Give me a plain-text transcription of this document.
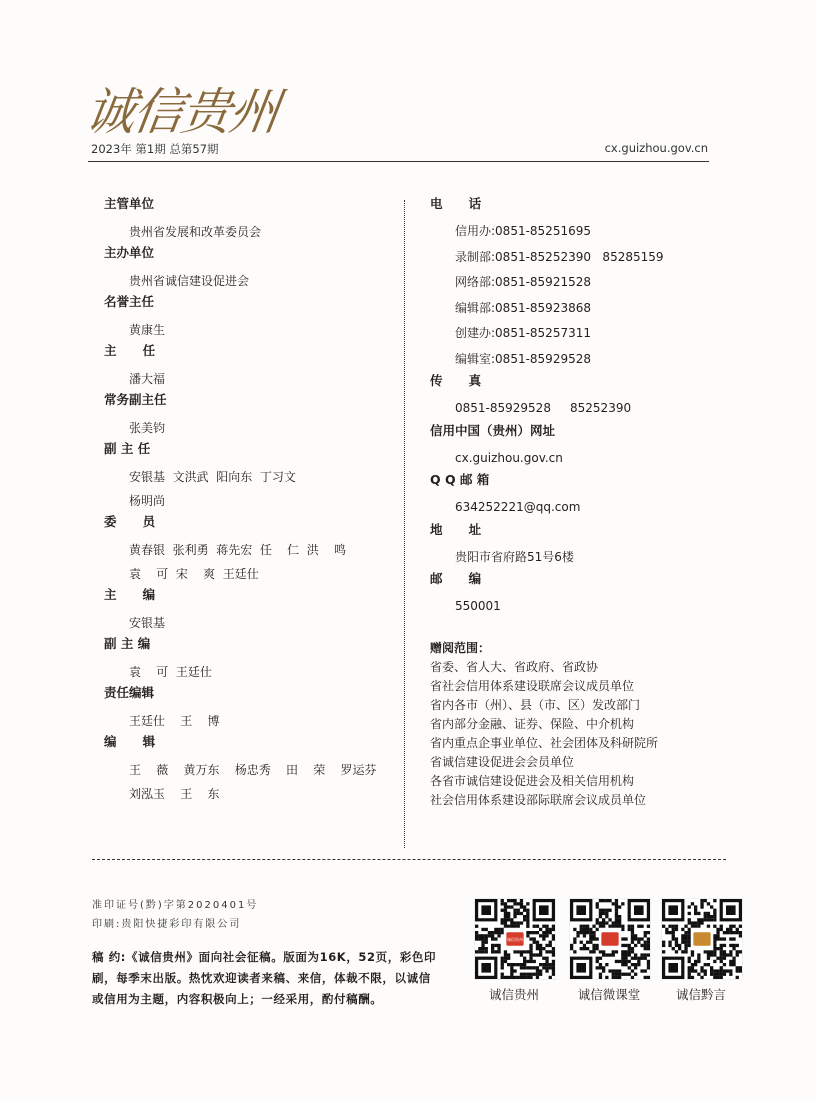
诚信贵州
2023年 第1期 总第57期	cx.guizhou.gov.cn
主管单位
贵州省发展和改革委员会
主办单位
贵州省诚信建设促进会
名誉主任
黄康生
主      任
潘大福
常务副主任
张美钧
副 主 任
安银基  文洪武  阳向东  丁习文
杨明尚
委      员
黄春银  张利勇  蒋先宏  任    仁  洪    鸣
袁    可  宋    爽  王廷仕
主      编
安银基
副 主 编
袁    可  王廷仕
责任编辑
王廷仕    王    博
编      辑
王    薇    黄万东    杨忠秀    田    荣    罗运芬
刘泓玉    王    东
电      话
信用办:0851-85251695
录制部:0851-85252390   85285159
网络部:0851-85921528
编辑部:0851-85923868
创建办:0851-85257311
编辑室:0851-85929528
传      真
0851-85929528     85252390
信用中国（贵州）网址
cx.guizhou.gov.cn
Q Q 邮 箱
634252221@qq.com
地      址
贵阳市省府路51号6楼
邮      编
550001
赠阅范围：
省委、省人大、省政府、省政协
省社会信用体系建设联席会议成员单位
省内各市（州）、县（市、区）发改部门
省内部分金融、证券、保险、中介机构
省内重点企事业单位、社会团体及科研院所
省诚信建设促进会会员单位
各省市诚信建设促进会及相关信用机构
社会信用体系建设部际联席会议成员单位
准印证号(黔)字第2020401号
印刷:贵阳快捷彩印有限公司
稿 约:《诚信贵州》面向社会征稿。版面为16K，52页，彩色印刷，每季末出版。热忱欢迎读者来稿、来信，体裁不限，以诚信或信用为主题，内容积极向上；一经采用，酌付稿酬。
诚信贵州
诚信贵州	诚信微课堂	诚信黔言
